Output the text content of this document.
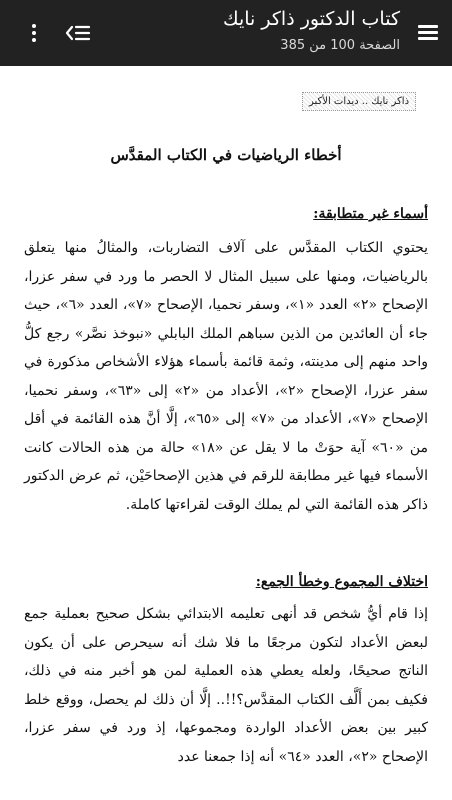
كتاب الدكتور ذاكر نايك
الصفحة 100 من 385
ذاكر نايك .. ديدات الأكبر
أخطاء الرياضيات في الكتاب المقدَّس
أسماء غير متطابقة:
يحتوي الكتاب المقدَّس على آلاف التضاربات، والمثالُ منها يتعلق بالرياضيات، ومنها على سبيل المثال لا الحصر ما ورد في سفر عزرا، الإصحاح «٢» العدد «١»، وسفر نحميا، الإصحاح «٧»، العدد «٦»، حيث جاء أن العائدين من الذين سباهم الملك البابلي «نبوخذ نصَّر» رجع كلُّ واحد منهم إلى مدينته، وثمة قائمة بأسماء هؤلاء الأشخاص مذكورة في سفر عزرا، الإصحاح «٢»، الأعداد من «٢» إلى «٦٣»، وسفر نحميا، الإصحاح «٧»، الأعداد من «٧» إلى «٦٥»، إلَّا أنَّ هذه القائمة في أقل من «٦٠» آية حوَتْ ما لا يقل عن «١٨» حالة من هذه الحالات كانت الأسماء فيها غير مطابقة للرقم في هذين الإصحاحَيْن، ثم عرض الدكتور ذاكر هذه القائمة التي لم يملك الوقت لقراءتها كاملة.
اختلاف المجموع وخطأ الجمع:
إذا قام أيُّ شخص قد أنهى تعليمه الابتدائي بشكل صحيح بعملية جمع لبعض الأعداد لتكون مرجعًا ما فلا شك أنه سيحرص على أن يكون الناتج صحيحًا، ولعله يعطي هذه العملية لمن هو أخبر منه في ذلك، فكيف بمن أَلَّف الكتاب المقدَّس؟!!.. إلَّا أن ذلك لم يحصل، ووقع خلط كبير بين بعض الأعداد الواردة ومجموعها، إذ ورد في سفر عزرا، الإصحاح «٢»، العدد «٦٤» أنه إذا جمعنا عدد
